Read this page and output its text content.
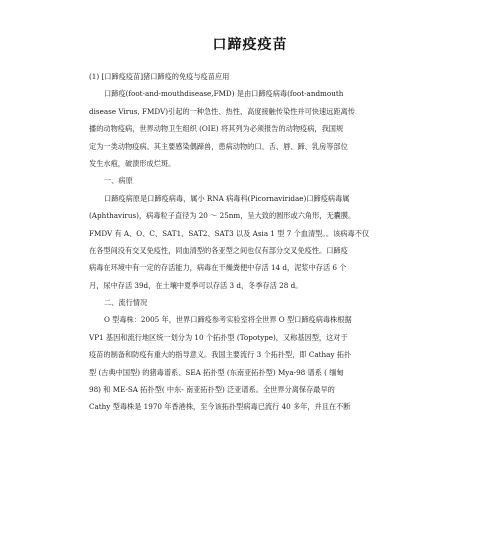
口蹄疫疫苗
(1) [口蹄疫疫苗]猪口蹄疫的免疫与疫苗应用
口蹄疫(foot-and-mouthdisease,FMD) 是由口蹄疫病毒(foot-andmouth
disease Virus, FMDV)引起的一种急性、热性、高度接触传染性并可快速远距离传
播的动物疫病，世界动物卫生组织 (OIE) 将其列为必须报告的动物疫病，我国规
定为一类动物疫病。其主要感染偶蹄兽，患病动物的口、舌、唇、蹄、乳房等部位
发生水疱，破溃形成烂斑。
一、病原
口蹄疫病原是口蹄疫病毒，属小 RNA 病毒科(Picornaviridae)口蹄疫病毒属
(Aphthavirus)，病毒粒子直径为 20 ～ 25nm，呈大致的圆形或六角形，无囊膜。
FMDV 有 A、O、C、SAT1、SAT2、SAT3 以及 Asia 1 型 7 个血清型。。该病毒不仅
在各型间没有交叉免疫性，同血清型的各亚型之间也仅有部分交叉免疫性。口蹄疫
病毒在环境中有一定的存活能力，病毒在干燥粪便中存活 14 d，泥浆中存活 6 个
月，尿中存活 39d，在土壤中夏季可以存活 3 d，冬季存活 28 d。
二、流行情况
O 型毒株：2005 年，世界口蹄疫参考实验室将全世界 O 型口蹄疫病毒株根据
VP1 基因和流行地区统一划分为 10 个拓扑型 (Topotype)，又称基因型，这对于
疫苗的制备和防疫有重大的指导意义。我国主要流行 3 个拓扑型，即 Cathay 拓扑
型 (古典中国型) 的猪毒谱系、SEA 拓扑型 (东南亚拓扑型) Mya-98 谱系 ( 缅甸
98) 和 ME-SA 拓扑型( 中东- 南亚拓扑型) 泛亚谱系。全世界分离保存最早的
Cathy 型毒株是 1970 年香港株，至今该拓扑型病毒已流行 40 多年，并且在不断
